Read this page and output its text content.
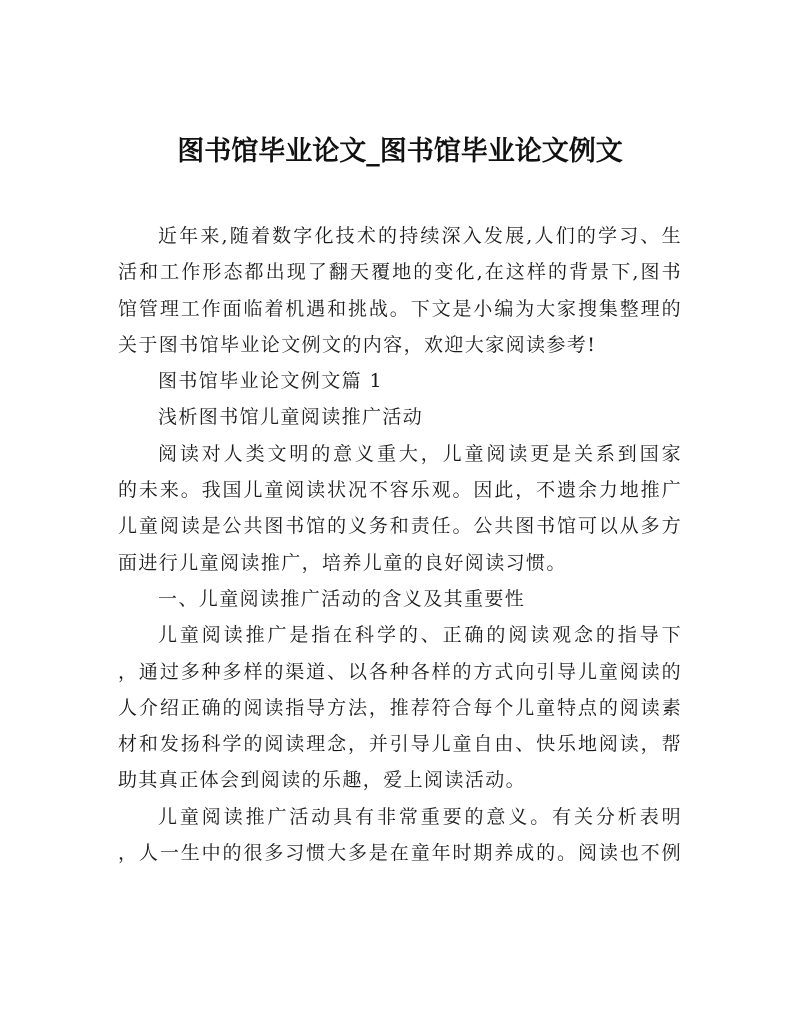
图书馆毕业论文_图书馆毕业论文例文
近年来,随着数字化技术的持续深入发展,人们的学习、生
活和工作形态都出现了翻天覆地的变化,在这样的背景下,图书
馆管理工作面临着机遇和挑战。下文是小编为大家搜集整理的
关于图书馆毕业论文例文的内容，欢迎大家阅读参考!
图书馆毕业论文例文篇 1
浅析图书馆儿童阅读推广活动
阅读对人类文明的意义重大，儿童阅读更是关系到国家
的未来。我国儿童阅读状况不容乐观。因此，不遗余力地推广
儿童阅读是公共图书馆的义务和责任。公共图书馆可以从多方
面进行儿童阅读推广，培养儿童的良好阅读习惯。
一、儿童阅读推广活动的含义及其重要性
儿童阅读推广是指在科学的、正确的阅读观念的指导下
，通过多种多样的渠道、以各种各样的方式向引导儿童阅读的
人介绍正确的阅读指导方法，推荐符合每个儿童特点的阅读素
材和发扬科学的阅读理念，并引导儿童自由、快乐地阅读，帮
助其真正体会到阅读的乐趣，爱上阅读活动。
儿童阅读推广活动具有非常重要的意义。有关分析表明
，人一生中的很多习惯大多是在童年时期养成的。阅读也不例
